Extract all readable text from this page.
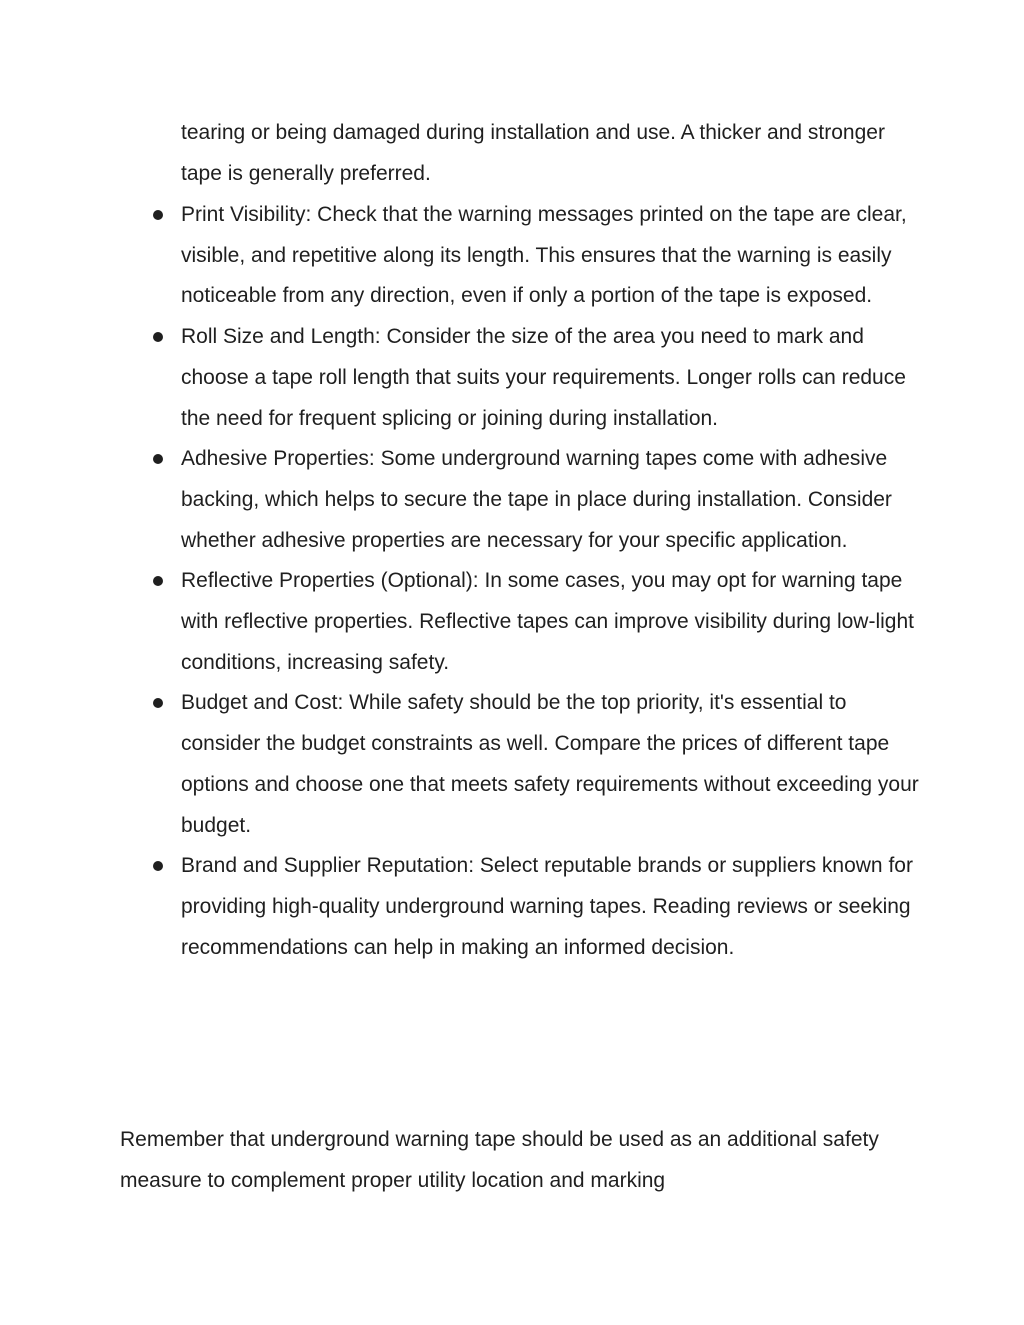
tearing or being damaged during installation and use. A thicker and stronger tape is generally preferred.

Print Visibility: Check that the warning messages printed on the tape are clear, visible, and repetitive along its length. This ensures that the warning is easily noticeable from any direction, even if only a portion of the tape is exposed.
Roll Size and Length: Consider the size of the area you need to mark and choose a tape roll length that suits your requirements. Longer rolls can reduce the need for frequent splicing or joining during installation.
Adhesive Properties: Some underground warning tapes come with adhesive backing, which helps to secure the tape in place during installation. Consider whether adhesive properties are necessary for your specific application.
Reflective Properties (Optional): In some cases, you may opt for warning tape with reflective properties. Reflective tapes can improve visibility during low-light conditions, increasing safety.
Budget and Cost: While safety should be the top priority, it's essential to consider the budget constraints as well. Compare the prices of different tape options and choose one that meets safety requirements without exceeding your budget.
Brand and Supplier Reputation: Select reputable brands or suppliers known for providing high-quality underground warning tapes. Reading reviews or seeking recommendations can help in making an informed decision.

Remember that underground warning tape should be used as an additional safety measure to complement proper utility location and marking
